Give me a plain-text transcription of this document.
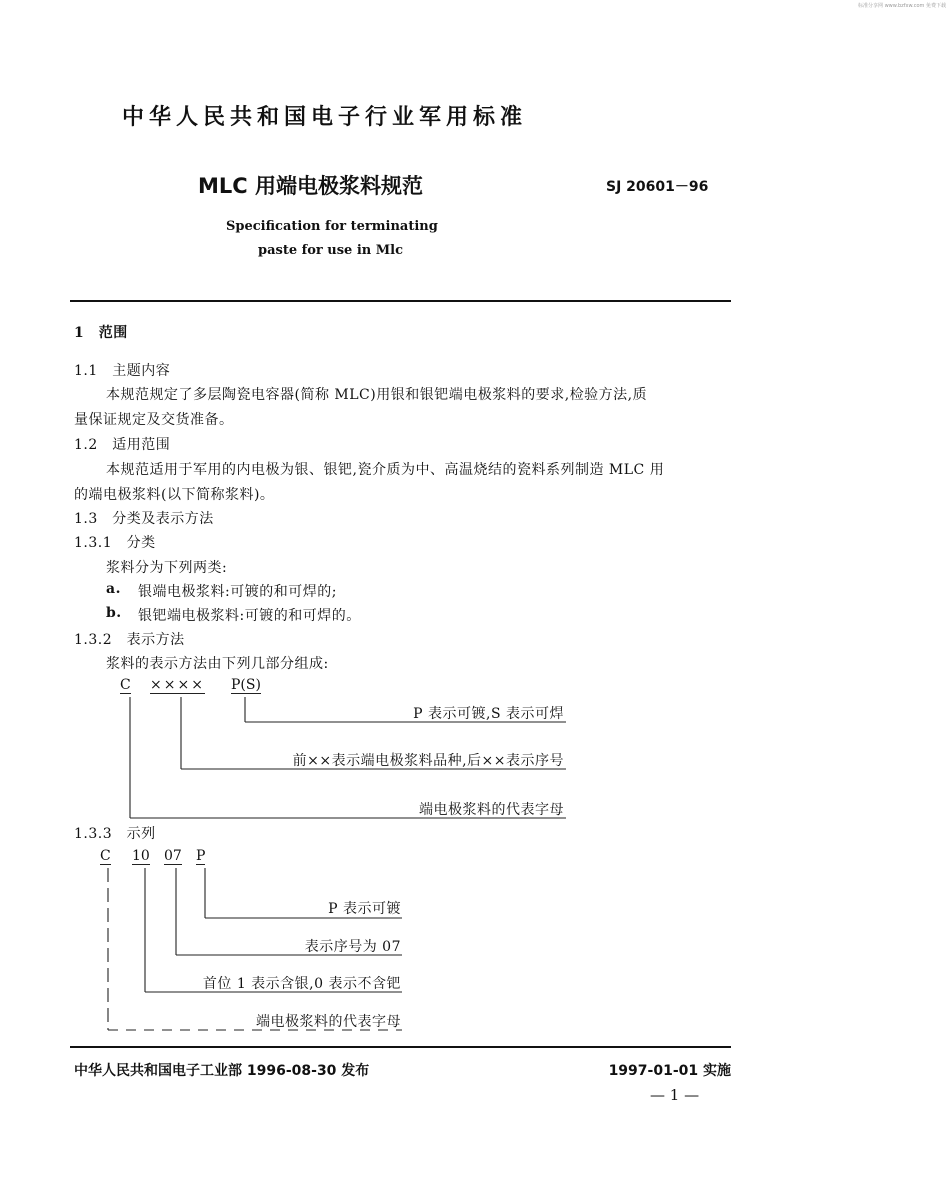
标准分享网 www.bzfxw.com 免费下载
中华人民共和国电子行业军用标准
MLC 用端电极浆料规范	SJ 20601－96
Specification for terminating
paste for use in Mlc
1　范围
1.1　主题内容
本规范规定了多层陶瓷电容器(简称 MLC)用银和银钯端电极浆料的要求,检验方法,质
量保证规定及交货准备。
1.2　适用范围
本规范适用于军用的内电极为银、银钯,瓷介质为中、高温烧结的瓷料系列制造 MLC 用
的端电极浆料(以下简称浆料)。
1.3　分类及表示方法
1.3.1　分类
浆料分为下列两类:
a. 银端电极浆料:可镀的和可焊的;
b. 银钯端电极浆料:可镀的和可焊的。
1.3.2　表示方法
浆料的表示方法由下列几部分组成:
C ×××× P(S)
P 表示可镀,S 表示可焊
前××表示端电极浆料品种,后××表示序号
端电极浆料的代表字母
1.3.3　示列
C 10 07 P
P 表示可镀
表示序号为 07
首位 1 表示含银,0 表示不含钯
端电极浆料的代表字母
中华人民共和国电子工业部 1996-08-30 发布	1997-01-01 实施
— 1 —
